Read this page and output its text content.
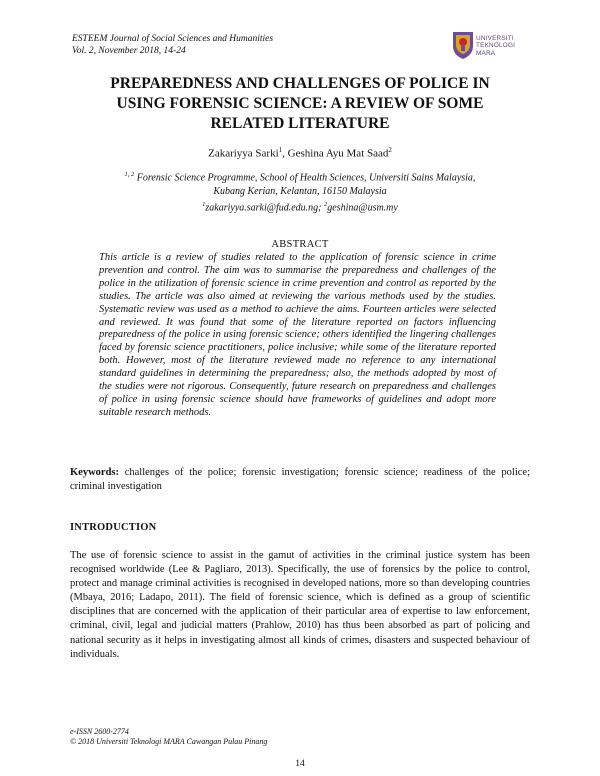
ESTEEM Journal of Social Sciences and Humanities
Vol. 2, November 2018, 14-24
UNIVERSITI
TEKNOLOGI
MARA
PREPAREDNESS AND CHALLENGES OF POLICE IN
USING FORENSIC SCIENCE: A REVIEW OF SOME
RELATED LITERATURE
Zakariyya Sarki$^1$, Geshina Ayu Mat Saad$^2$
$^{1, 2}$ Forensic Science Programme, School of Health Sciences, Universiti Sains Malaysia,
Kubang Kerian, Kelantan, 16150 Malaysia
$^1$zakariyya.sarki@fud.edu.ng; $^2$geshina@usm.my
ABSTRACT
This article is a review of studies related to the application of forensic science in crime prevention and control. The aim was to summarise the preparedness and challenges of the police in the utilization of forensic science in crime prevention and control as reported by the studies. The article was also aimed at reviewing the various methods used by the studies. Systematic review was used as a method to achieve the aims. Fourteen articles were selected and reviewed. It was found that some of the literature reported on factors influencing preparedness of the police in using forensic science; others identified the lingering challenges faced by forensic science practitioners, police inclusive; while some of the literature reported both. However, most of the literature reviewed made no reference to any international standard guidelines in determining the preparedness; also, the methods adopted by most of the studies were not rigorous. Consequently, future research on preparedness and challenges of police in using forensic science should have frameworks of guidelines and adopt more suitable research methods.
Keywords: challenges of the police; forensic investigation; forensic science; readiness of the police; criminal investigation
INTRODUCTION
The use of forensic science to assist in the gamut of activities in the criminal justice system has been recognised worldwide (Lee & Pagliaro, 2013). Specifically, the use of forensics by the police to control, protect and manage criminal activities is recognised in developed nations, more so than developing countries (Mbaya, 2016; Ladapo, 2011). The field of forensic science, which is defined as a group of scientific disciplines that are concerned with the application of their particular area of expertise to law enforcement, criminal, civil, legal and judicial matters (Prahlow, 2010) has thus been absorbed as part of policing and national security as it helps in investigating almost all kinds of crimes, disasters and suspected behaviour of individuals.
e-ISSN 2600-2774
© 2018 Universiti Teknologi MARA Cawangan Pulau Pinang
14
